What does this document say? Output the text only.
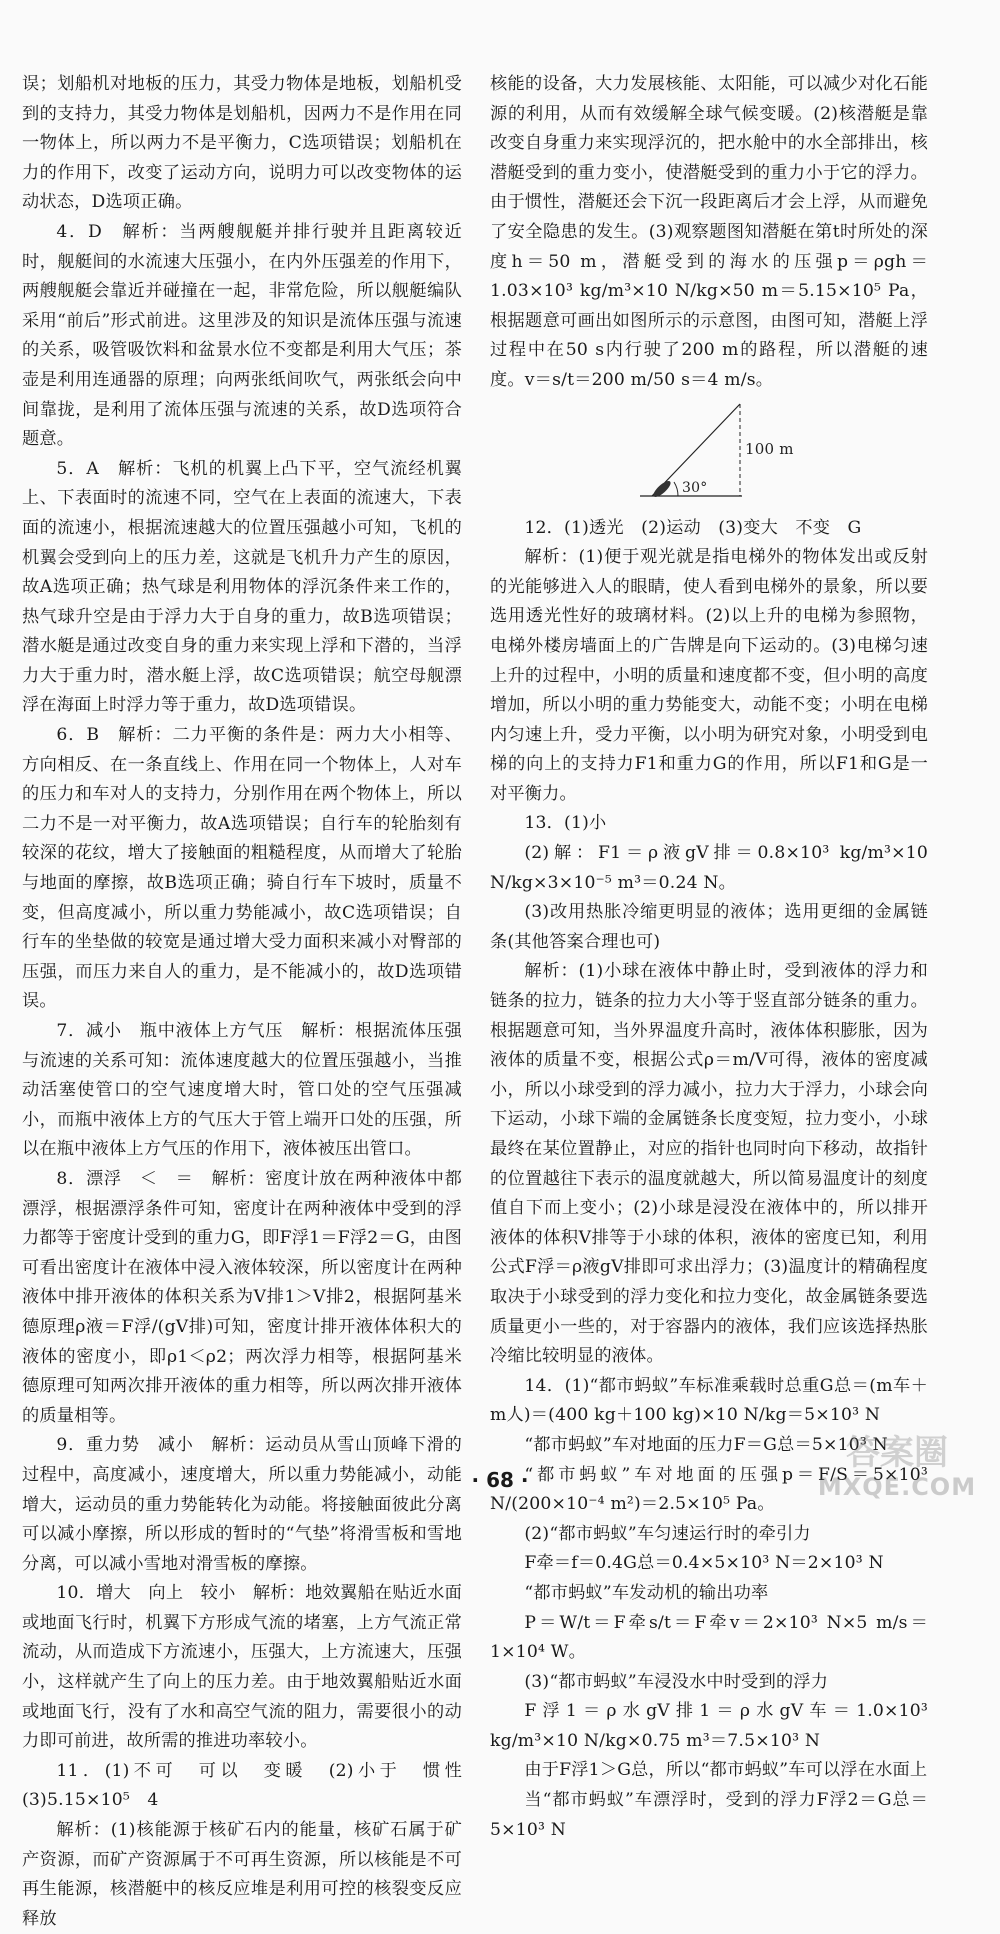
误；划船机对地板的压力，其受力物体是地板，划船机受到的支持力，其受力物体是划船机，因两力不是作用在同一物体上，所以两力不是平衡力，C选项错误；划船机在力的作用下，改变了运动方向，说明力可以改变物体的运动状态，D选项正确。

4．D　解析：当两艘舰艇并排行驶并且距离较近时，舰艇间的水流速大压强小，在内外压强差的作用下，两艘舰艇会靠近并碰撞在一起，非常危险，所以舰艇编队采用“前后”形式前进。这里涉及的知识是流体压强与流速的关系，吸管吸饮料和盆景水位不变都是利用大气压；茶壶是利用连通器的原理；向两张纸间吹气，两张纸会向中间靠拢，是利用了流体压强与流速的关系，故D选项符合题意。

5．A　解析：飞机的机翼上凸下平，空气流经机翼上、下表面时的流速不同，空气在上表面的流速大，下表面的流速小，根据流速越大的位置压强越小可知，飞机的机翼会受到向上的压力差，这就是飞机升力产生的原因，故A选项正确；热气球是利用物体的浮沉条件来工作的，热气球升空是由于浮力大于自身的重力，故B选项错误；潜水艇是通过改变自身的重力来实现上浮和下潜的，当浮力大于重力时，潜水艇上浮，故C选项错误；航空母舰漂浮在海面上时浮力等于重力，故D选项错误。

6．B　解析：二力平衡的条件是：两力大小相等、方向相反、在一条直线上、作用在同一个物体上，人对车的压力和车对人的支持力，分别作用在两个物体上，所以二力不是一对平衡力，故A选项错误；自行车的轮胎刻有较深的花纹，增大了接触面的粗糙程度，从而增大了轮胎与地面的摩擦，故B选项正确；骑自行车下坡时，质量不变，但高度减小，所以重力势能减小，故C选项错误；自行车的坐垫做的较宽是通过增大受力面积来减小对臀部的压强，而压力来自人的重力，是不能减小的，故D选项错误。

7．减小　瓶中液体上方气压　解析：根据流体压强与流速的关系可知：流体速度越大的位置压强越小，当推动活塞使管口的空气速度增大时，管口处的空气压强减小，而瓶中液体上方的气压大于管上端开口处的压强，所以在瓶中液体上方气压的作用下，液体被压出管口。

8．漂浮　＜　＝　解析：密度计放在两种液体中都漂浮，根据漂浮条件可知，密度计在两种液体中受到的浮力都等于密度计受到的重力G，即F浮1＝F浮2＝G，由图可看出密度计在液体中浸入液体较深，所以密度计在两种液体中排开液体的体积关系为V排1＞V排2，根据阿基米德原理ρ液＝F浮/(gV排)可知，密度计排开液体体积大的液体的密度小，即ρ1＜ρ2；两次浮力相等，根据阿基米德原理可知两次排开液体的重力相等，所以两次排开液体的质量相等。

9．重力势　减小　解析：运动员从雪山顶峰下滑的过程中，高度减小，速度增大，所以重力势能减小，动能增大，运动员的重力势能转化为动能。将接触面彼此分离可以减小摩擦，所以形成的暂时的“气垫”将滑雪板和雪地分离，可以减小雪地对滑雪板的摩擦。

10．增大　向上　较小　解析：地效翼船在贴近水面或地面飞行时，机翼下方形成气流的堵塞，上方气流正常流动，从而造成下方流速小，压强大，上方流速大，压强小，这样就产生了向上的压力差。由于地效翼船贴近水面或地面飞行，没有了水和高空气流的阻力，需要很小的动力即可前进，故所需的推进功率较小。

11．(1)不可　可以　变暖　(2)小于　惯性　(3)5.15×10⁵　4

解析：(1)核能源于核矿石内的能量，核矿石属于矿产资源，而矿产资源属于不可再生资源，所以核能是不可再生能源，核潜艇中的核反应堆是利用可控的核裂变反应释放

核能的设备，大力发展核能、太阳能，可以减少对化石能源的利用，从而有效缓解全球气候变暖。(2)核潜艇是靠改变自身重力来实现浮沉的，把水舱中的水全部排出，核潜艇受到的重力变小，使潜艇受到的重力小于它的浮力。由于惯性，潜艇还会下沉一段距离后才会上浮，从而避免了安全隐患的发生。(3)观察题图知潜艇在第t时所处的深度h＝50 m，潜艇受到的海水的压强p＝ρgh＝1.03×10³ kg/m³×10 N/kg×50 m＝5.15×10⁵ Pa，根据题意可画出如图所示的示意图，由图可知，潜艇上浮过程中在50 s内行驶了200 m的路程，所以潜艇的速度。v＝s/t＝200 m/50 s＝4 m/s。

30°
100 m

12．(1)透光　(2)运动　(3)变大　不变　G

解析：(1)便于观光就是指电梯外的物体发出或反射的光能够进入人的眼睛，使人看到电梯外的景象，所以要选用透光性好的玻璃材料。(2)以上升的电梯为参照物，电梯外楼房墙面上的广告牌是向下运动的。(3)电梯匀速上升的过程中，小明的质量和速度都不变，但小明的高度增加，所以小明的重力势能变大，动能不变；小明在电梯内匀速上升，受力平衡，以小明为研究对象，小明受到电梯的向上的支持力F1和重力G的作用，所以F1和G是一对平衡力。

13．(1)小

(2)解：F1＝ρ液gV排＝0.8×10³ kg/m³×10 N/kg×3×10⁻⁵ m³＝0.24 N。

(3)改用热胀冷缩更明显的液体；选用更细的金属链条(其他答案合理也可)

解析：(1)小球在液体中静止时，受到液体的浮力和链条的拉力，链条的拉力大小等于竖直部分链条的重力。根据题意可知，当外界温度升高时，液体体积膨胀，因为液体的质量不变，根据公式ρ＝m/V可得，液体的密度减小，所以小球受到的浮力减小，拉力大于浮力，小球会向下运动，小球下端的金属链条长度变短，拉力变小，小球最终在某位置静止，对应的指针也同时向下移动，故指针的位置越往下表示的温度就越大，所以简易温度计的刻度值自下而上变小；(2)小球是浸没在液体中的，所以排开液体的体积V排等于小球的体积，液体的密度已知，利用公式F浮＝ρ液gV排即可求出浮力；(3)温度计的精确程度取决于小球受到的浮力变化和拉力变化，故金属链条要选质量更小一些的，对于容器内的液体，我们应该选择热胀冷缩比较明显的液体。

14．(1)“都市蚂蚁”车标准乘载时总重G总＝(m车＋m人)＝(400 kg＋100 kg)×10 N/kg＝5×10³ N

“都市蚂蚁”车对地面的压力F＝G总＝5×10³ N

“都市蚂蚁”车对地面的压强p＝F/S＝5×10³ N/(200×10⁻⁴ m²)＝2.5×10⁵ Pa。

(2)“都市蚂蚁”车匀速运行时的牵引力

F牵＝f＝0.4G总＝0.4×5×10³ N＝2×10³ N

“都市蚂蚁”车发动机的输出功率

P＝W/t＝F牵s/t＝F牵v＝2×10³ N×5 m/s＝1×10⁴ W。

(3)“都市蚂蚁”车浸没水中时受到的浮力

F浮1＝ρ水gV排1＝ρ水gV车＝1.0×10³ kg/m³×10 N/kg×0.75 m³＝7.5×10³ N

由于F浮1＞G总，所以“都市蚂蚁”车可以浮在水面上

当“都市蚂蚁”车漂浮时，受到的浮力F浮2＝G总＝5×10³ N

· 68 ·
答案圈
MXQE.COM
